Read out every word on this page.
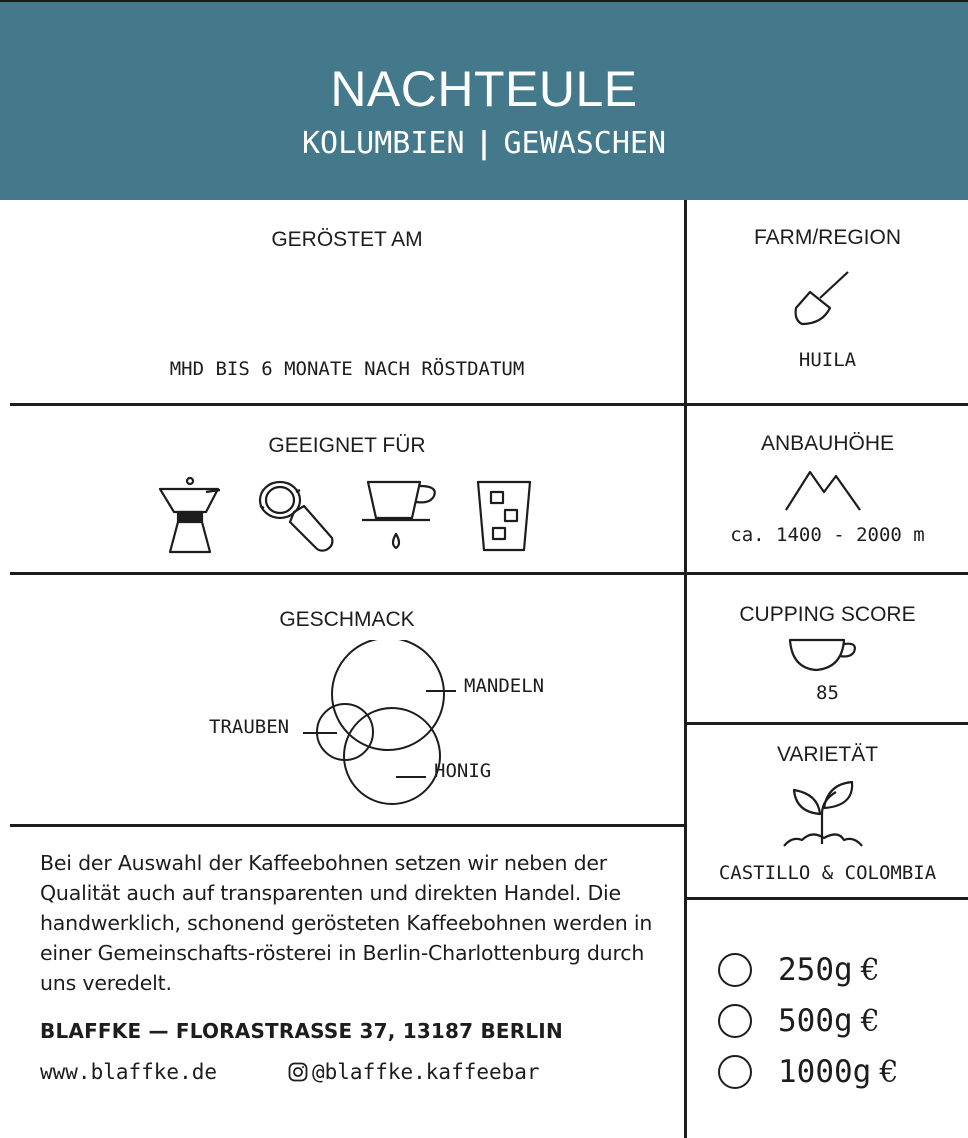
NACHTEULE
KOLUMBIEN | GEWASCHEN
GERÖSTET AM
MHD BIS 6 MONATE NACH RÖSTDATUM
GEEIGNET FÜR
GESCHMACK
MANDELN
TRAUBEN
HONIG
FARM/REGION
HUILA
ANBAUHÖHE
ca. 1400 - 2000 m
CUPPING SCORE
85
VARIETÄT
CASTILLO & COLOMBIA
Bei der Auswahl der Kaffeebohnen setzen wir neben der Qualität auch auf transparenten und direkten Handel. Die handwerklich, schonend gerösteten Kaffeebohnen werden in einer Gemeinschafts-rösterei in Berlin-Charlottenburg durch uns veredelt.
BLAFFKE — FLORASTRASSE 37, 13187 BERLIN
www.blaffke.de	@blaffke.kaffeebar
250g €
500g €
1000g €
